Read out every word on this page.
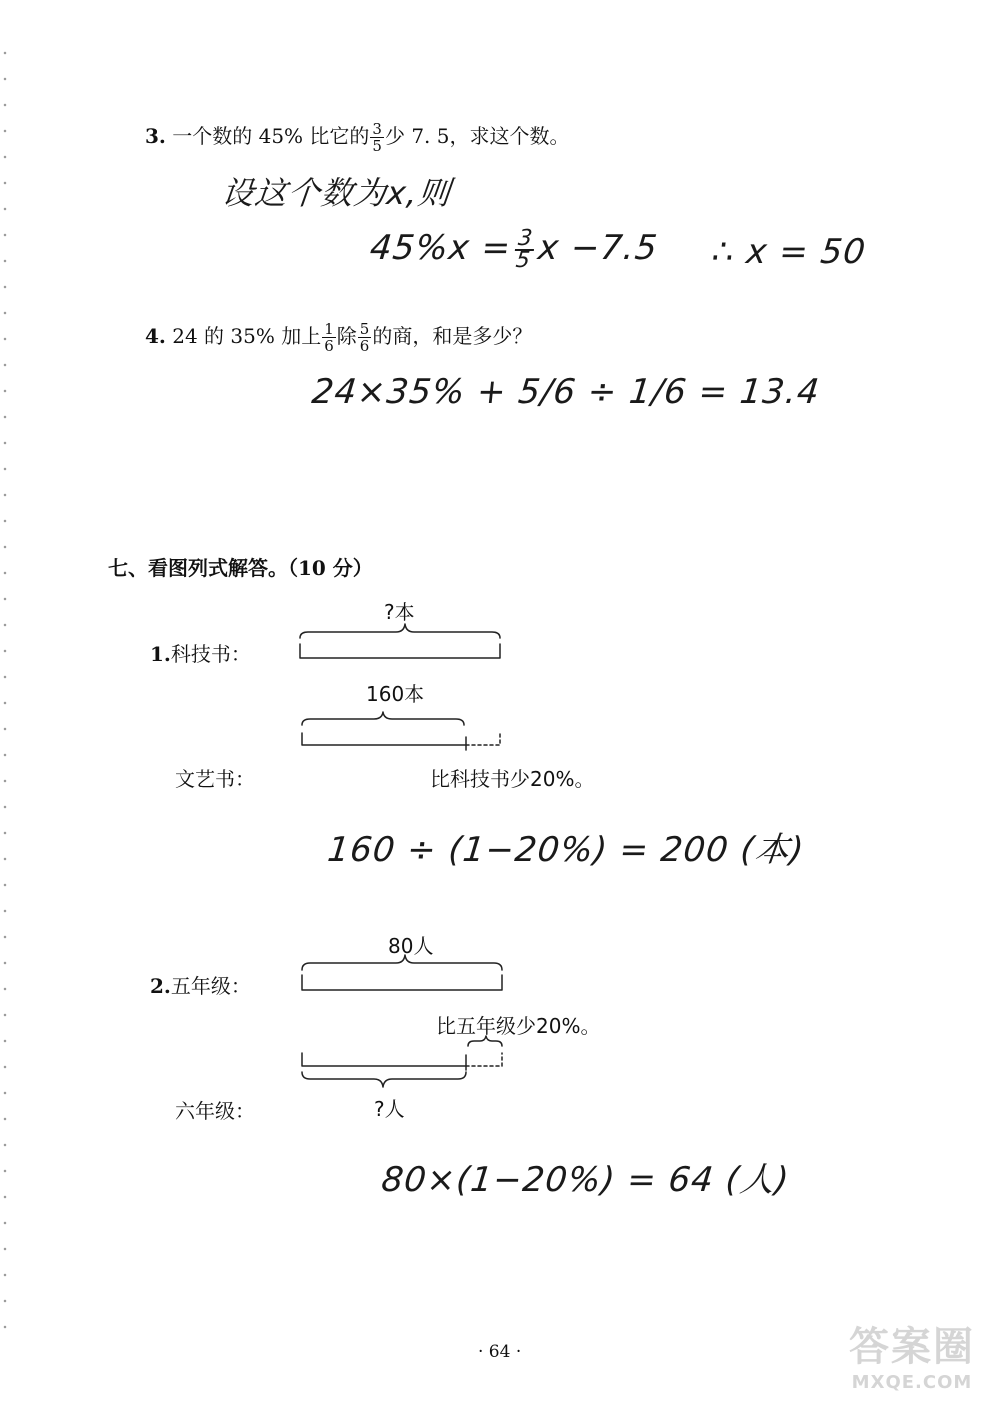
3. 一个数的 45% 比它的 $\frac{3}{5}$ 少 7. 5，求这个数。
设这个数为x,则
$45\%x = \frac{3}{5}$ x −7.5 ∴ x = 50
4. 24 的 35% 加上 $\frac{1}{6}$ 除 $\frac{5}{6}$ 的商，和是多少？
24×35% + 5/6 ÷ 1/6 = 13.4
七、看图列式解答。（10 分）
1.科技书：
?本
160本
文艺书：	比科技书少20%。
160 ÷ (1−20%) = 200 (本)
2.五年级：
80人
比五年级少20%。
六年级：	?人
80×(1−20%) = 64 (人)
· 64 ·	答案圈
MXQE.COM
